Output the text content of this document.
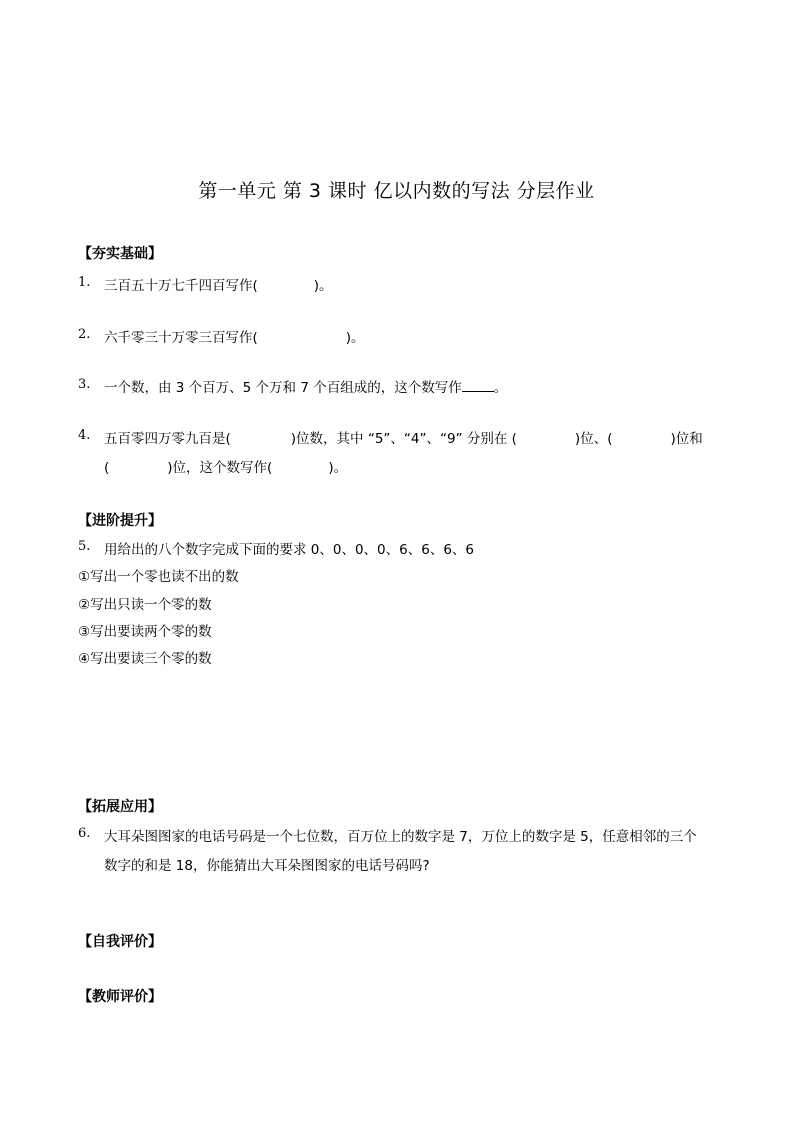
第一单元 第 3 课时 亿以内数的写法 分层作业
【夯实基础】
1. 三百五十万七千四百写作(	)。
2. 六千零三十万零三百写作(	)。
3. 一个数，由 3 个百万、5 个万和 7 个百组成的，这个数写作 。
4. 五百零四万零九百是(	)位数，其中 “5”、“4”、“9” 分别在 (	)位、(	)位和
(	)位，这个数写作(	)。
【进阶提升】
5. 用给出的八个数字完成下面的要求 0、0、0、0、6、6、6、6
①写出一个零也读不出的数
②写出只读一个零的数
③写出要读两个零的数
④写出要读三个零的数
【拓展应用】
6. 大耳朵图图家的电话号码是一个七位数，百万位上的数字是 7，万位上的数字是 5，任意相邻的三个
数字的和是 18，你能猜出大耳朵图图家的电话号码吗?
【自我评价】
【教师评价】
